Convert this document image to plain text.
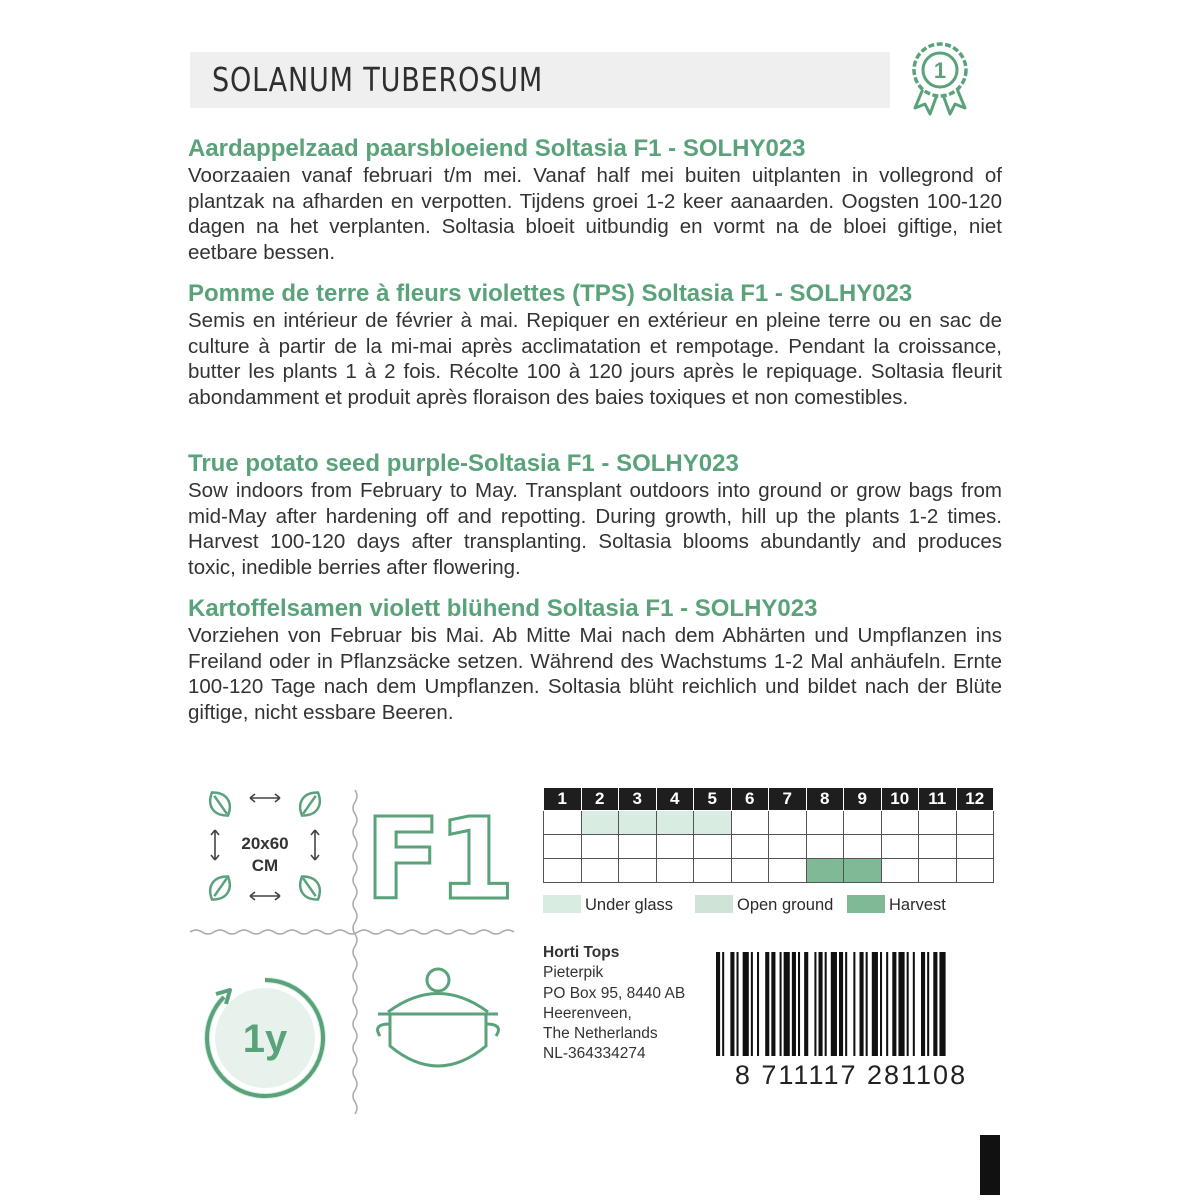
SOLANUM TUBEROSUM	1
Aardappelzaad paarsbloeiend Soltasia F1 - SOLHY023
Voorzaaien vanaf februari t/m mei. Vanaf half mei buiten uitplanten in vollegrond of plantzak na afharden en verpotten. Tijdens groei 1-2 keer aanaarden. Oogsten 100-120 dagen na het verplanten. Soltasia bloeit uitbundig en vormt na de bloei giftige, niet eetbare bessen.
Pomme de terre à fleurs violettes (TPS) Soltasia F1 - SOLHY023
Semis en intérieur de février à mai. Repiquer en extérieur en pleine terre ou en sac de culture à partir de la mi-mai après acclimatation et rempotage. Pendant la croissance, butter les plants 1 à 2 fois. Récolte 100 à 120 jours après le repiquage. Soltasia fleurit abondamment et produit après floraison des baies toxiques et non comestibles.
True potato seed purple-Soltasia F1 - SOLHY023
Sow indoors from February to May. Transplant outdoors into ground or grow bags from mid-May after hardening off and repotting. During growth, hill up the plants 1-2 times. Harvest 100-120 days after transplanting. Soltasia blooms abundantly and produces toxic, inedible berries after flowering.
Kartoffelsamen violett blühend Soltasia F1 - SOLHY023
Vorziehen von Februar bis Mai. Ab Mitte Mai nach dem Abhärten und Umpflanzen ins Freiland oder in Pflanzsäcke setzen. Während des Wachstums 1-2 Mal anhäufeln. Ernte 100-120 Tage nach dem Umpflanzen. Soltasia blüht reichlich und bildet nach der Blüte giftige, nicht essbare Beeren.
20x60
CM F1
1y
1	2	3	4	5	6	7	8	9	10	11	12

Under glass	Open ground	Harvest
Horti Tops
Pieterpik
PO Box 95, 8440 AB
Heerenveen,
The Netherlands
NL-364334274
8 711117 281108
